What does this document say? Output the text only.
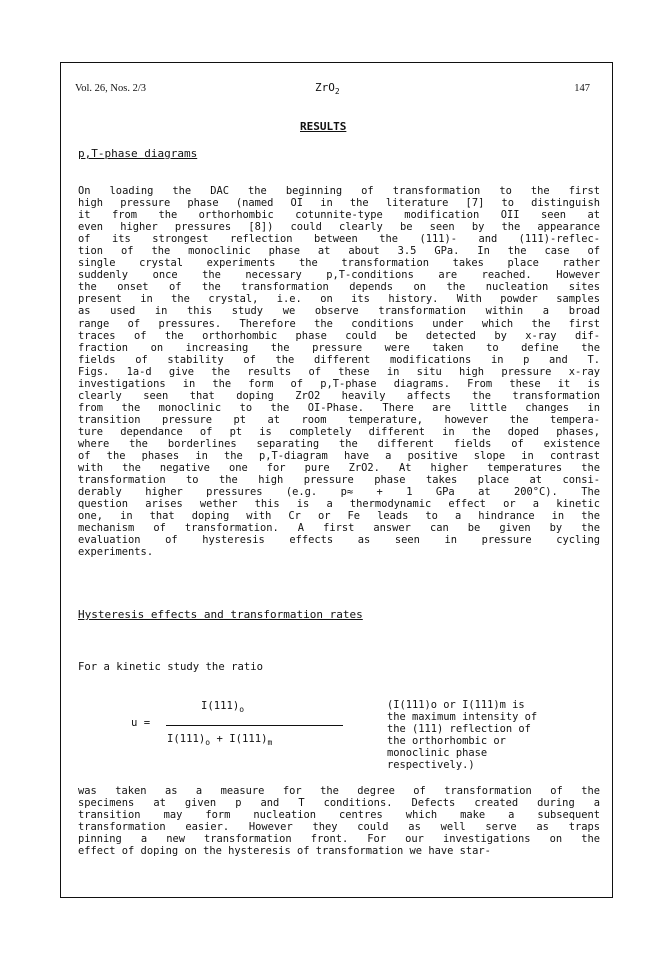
Vol. 26, Nos. 2/3	ZrO$_2$	147
RESULTS
p,T-phase diagrams
On loading the DAC the beginning of transformation to the first
high pressure phase (named OI in the literature [7] to distinguish
it from the orthorhombic cotunnite-type modification OII seen at
even higher pressures [8]) could clearly be seen by the appearance
of its strongest reflection between the (111)- and (11̄1)-reflec-
tion of the monoclinic phase at about 3.5 GPa. In the case of
single crystal experiments the transformation takes place rather
suddenly once the necessary p,T-conditions are reached. However
the onset of the transformation depends on the nucleation sites
present in the crystal, i.e. on its history. With powder samples
as used in this study we observe transformation within a broad
range of pressures. Therefore the conditions under which the first
traces of the orthorhombic phase could be detected by x-ray dif-
fraction on increasing the pressure were taken to define the
fields of stability of the different modifications in p and T.
Figs. 1a-d give the results of these in situ high pressure x-ray
investigations in the form of p,T-phase diagrams. From these it is
clearly seen that doping ZrO2 heavily affects the transformation
from the monoclinic to the OI-Phase. There are little changes in
transition pressure pt at room temperature, however the tempera-
ture dependance of pt is completely different in the doped phases,
where the borderlines separating the different fields of existence
of the phases in the p,T-diagram have a positive slope in contrast
with the negative one for pure ZrO2. At higher temperatures the
transformation to the high pressure phase takes place at consi-
derably higher pressures (e.g. p≈ + 1 GPa at 200°C). The
question arises wether this is a thermodynamic effect or a kinetic
one, in that doping with Cr or Fe leads to a hindrance in the
mechanism of transformation. A first answer can be given by the
evaluation of hysteresis effects as seen in pressure cycling
experiments.
Hysteresis effects and transformation rates
For a kinetic study the ratio
u =
$I(111)_o$
$I(111)_o + I(111)_m$
(I(111)o or I(111)m is
the maximum intensity of
the (111) reflection of
the orthorhombic or
monoclinic phase
respectively.)
was taken as a measure for the degree of transformation of the
specimens at given p and T conditions. Defects created during a
transition may form nucleation centres which make a subsequent
transformation easier. However they could as well serve as traps
pinning a new transformation front. For our investigations on the
effect of doping on the hysteresis of transformation we have star-
